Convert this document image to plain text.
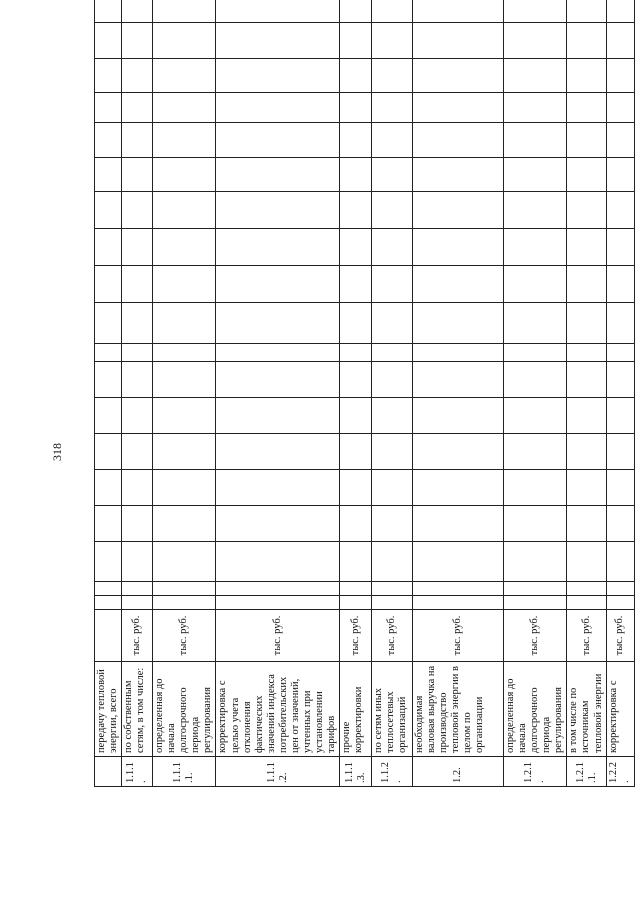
318
	передачу тепловой энергии, всего																				
1.1.1.	по собственным сетям, в том числе:	тыс. руб.																			
1.1.1.1.	определенная до начала долгосрочного периода регулирования	тыс. руб.																			
1.1.1.2.	корректировка с целью учета отклонения фактических значений индекса потребительских цен от значений, учтенных при установлении тарифов	тыс. руб.																			
1.1.1.3.	прочие корректировки	тыс. руб.																			
1.1.2.	по сетям иных теплосетевых организаций	тыс. руб.																			
1.2.	необходимая валовая выручка на производство тепловой энергии в целом по организации	тыс. руб.																			
1.2.1.	определенная до начала долгосрочного периода регулирования	тыс. руб.																			
1.2.1.1.	в том числе по источникам тепловой энергии	тыс. руб.																			
1.2.2.	корректировка с	тыс. руб.																			
